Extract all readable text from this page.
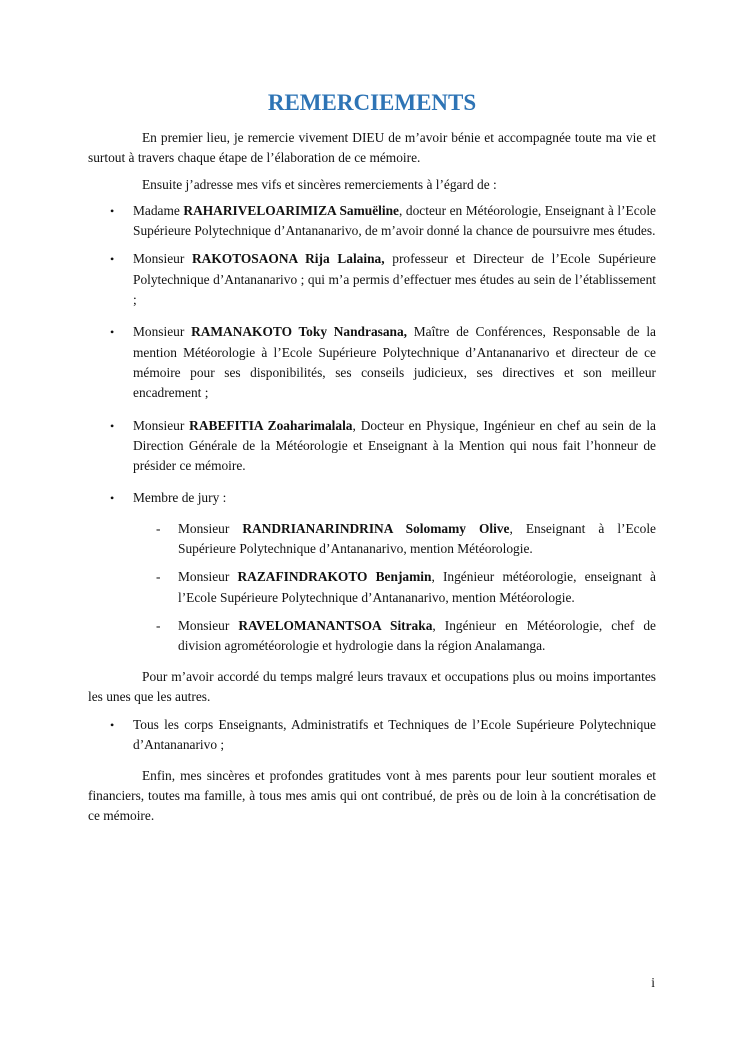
REMERCIEMENTS

En premier lieu, je remercie vivement DIEU de m’avoir bénie et accompagnée toute ma vie et surtout à travers chaque étape de l’élaboration de ce mémoire.

Ensuite j’adresse mes vifs et sincères remerciements à l’égard de :

• Madame RAHARIVELOARIMIZA Samuëline, docteur en Météorologie, Enseignant à l’Ecole Supérieure Polytechnique d’Antananarivo, de m’avoir donné la chance de poursuivre mes études.
• Monsieur RAKOTOSAONA Rija Lalaina, professeur et Directeur de l’Ecole Supérieure Polytechnique d’Antananarivo ; qui m’a permis d’effectuer mes études au sein de l’établissement ;
• Monsieur RAMANAKOTO Toky Nandrasana, Maître de Conférences, Responsable de la mention Météorologie à l’Ecole Supérieure Polytechnique d’Antananarivo et directeur de ce mémoire pour ses disponibilités, ses conseils judicieux, ses directives et son meilleur encadrement ;
• Monsieur RABEFITIA Zoaharimalala, Docteur en Physique, Ingénieur en chef au sein de la Direction Générale de la Météorologie et Enseignant à la Mention qui nous fait l’honneur de présider ce mémoire.
• Membre de jury :
- Monsieur RANDRIANARINDRINA Solomamy Olive, Enseignant à l’Ecole Supérieure Polytechnique d’Antananarivo, mention Météorologie.
- Monsieur RAZAFINDRAKOTO Benjamin, Ingénieur météorologie, enseignant à l’Ecole Supérieure Polytechnique d’Antananarivo, mention Météorologie.
- Monsieur RAVELOMANANTSOA Sitraka, Ingénieur en Météorologie, chef de division agrométéorologie et hydrologie dans la région Analamanga.

Pour m’avoir accordé du temps malgré leurs travaux et occupations plus ou moins importantes les unes que les autres.

• Tous les corps Enseignants, Administratifs et Techniques de l’Ecole Supérieure Polytechnique d’Antananarivo ;

Enfin, mes sincères et profondes gratitudes vont à mes parents pour leur soutient morales et financiers, toutes ma famille, à tous mes amis qui ont contribué, de près ou de loin à la concrétisation de ce mémoire.

i
